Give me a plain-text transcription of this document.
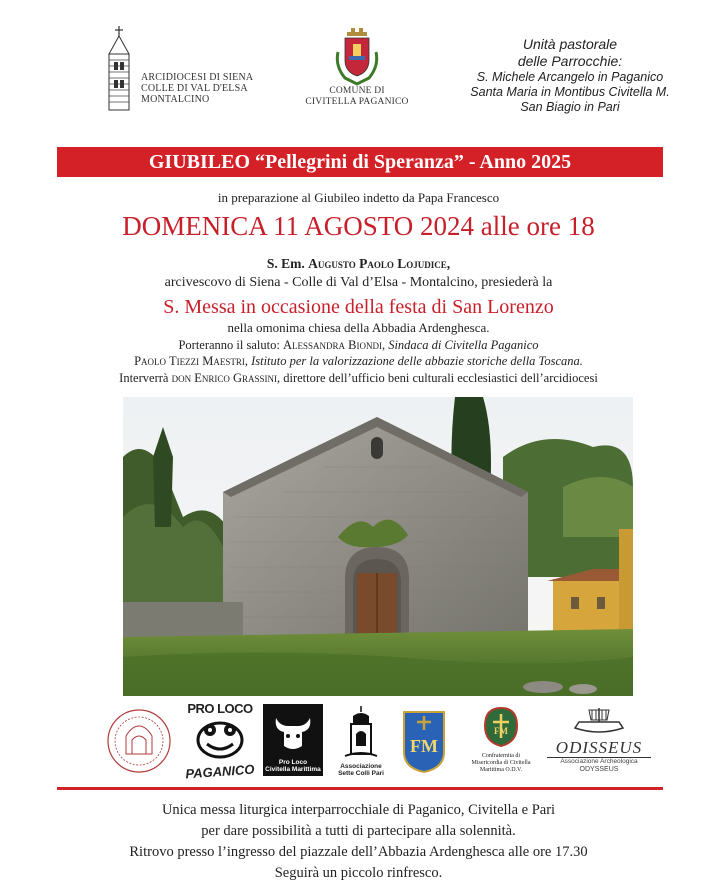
ARCIDIOCESI DI SIENA
COLLE DI VAL D'ELSA
MONTALCINO
COMUNE DI
CIVITELLA PAGANICO
Unità pastorale
delle Parrocchie:
S. Michele Arcangelo in Paganico
Santa Maria in Montibus Civitella M.
San Biagio in Pari
GIUBILEO “Pellegrini di Speranza” - Anno 2025
in preparazione al Giubileo indetto da Papa Francesco
DOMENICA 11 AGOSTO 2024 alle ore 18
S. Em. Augusto Paolo Lojudice,
arcivescovo di Siena - Colle di Val d’Elsa - Montalcino, presiederà la
S. Messa in occasione della festa di San Lorenzo
nella omonima chiesa della Abbadia Ardenghesca.
Porteranno il saluto: Alessandra Biondi, Sindaca di Civitella Paganico
Paolo Tiezzi Maestri, Istituto per la valorizzazione delle abbazie storiche della Toscana.
Interverrà don Enrico Grassini, direttore dell’ufficio beni culturali ecclesiastici dell’arcidiocesi
PRO LOCO
PAGANICO	Pro Loco
Civitella Marittima	Associazione
Sette Colli Pari
FM
FM
Confraternita di
Misericordia di Civitella
Marittima O.D.V.
ODISSEUS
Associazione Archeologica
ODYSSEUS
Unica messa liturgica interparrocchiale di Paganico, Civitella e Pari
per dare possibilità a tutti di partecipare alla solennità.
Ritrovo presso l’ingresso del piazzale dell’Abbazia Ardenghesca alle ore 17.30
Seguirà un piccolo rinfresco.
